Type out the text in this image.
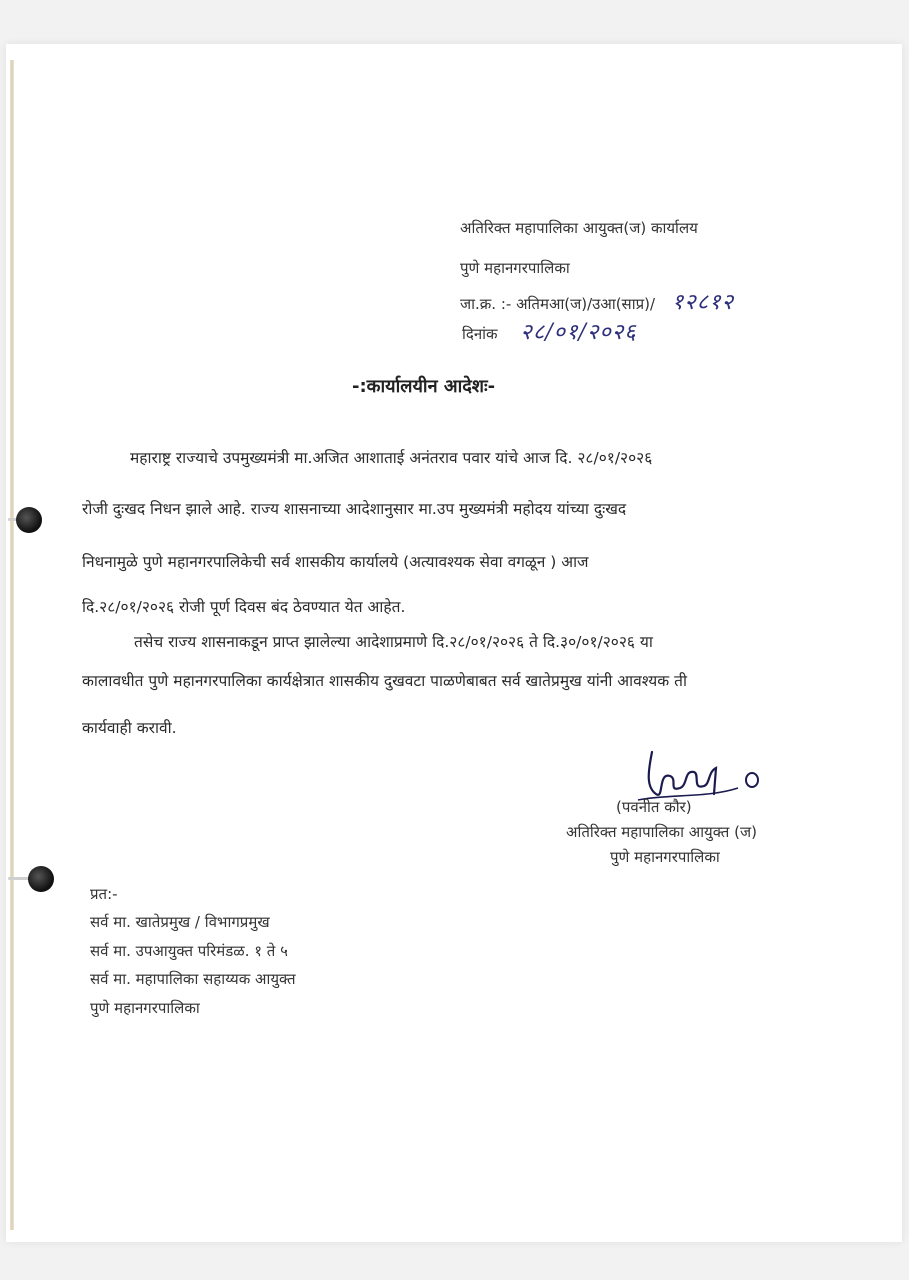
अतिरिक्त महापालिका आयुक्त(ज) कार्यालय
पुणे महानगरपालिका
जा.क्र. :- अतिमआ(ज)/उआ(साप्र)/ १२८१२
दिनांक २८/०१/२०२६
-:कार्यालयीन आदेशः-
महाराष्ट्र राज्याचे उपमुख्यमंत्री मा.अजित आशाताई अनंतराव पवार यांचे आज दि. २८/०१/२०२६
रोजी दुःखद निधन झाले आहे. राज्य शासनाच्या आदेशानुसार मा.उप मुख्यमंत्री महोदय यांच्या दुःखद
निधनामुळे पुणे महानगरपालिकेची सर्व शासकीय कार्यालये (अत्यावश्यक सेवा वगळून ) आज
दि.२८/०१/२०२६ रोजी पूर्ण दिवस बंद ठेवण्यात येत आहेत.
तसेच राज्य शासनाकडून प्राप्त झालेल्या आदेशाप्रमाणे दि.२८/०१/२०२६ ते दि.३०/०१/२०२६ या
कालावधीत पुणे महानगरपालिका कार्यक्षेत्रात शासकीय दुखवटा पाळणेबाबत सर्व खातेप्रमुख यांनी आवश्यक ती
कार्यवाही करावी.
(पवनीत कौर)
अतिरिक्त महापालिका आयुक्त (ज)
पुणे महानगरपालिका
प्रत:-
सर्व मा. खातेप्रमुख / विभागप्रमुख
सर्व मा. उपआयुक्त परिमंडळ. १ ते ५
सर्व मा. महापालिका सहाय्यक आयुक्त
पुणे महानगरपालिका
